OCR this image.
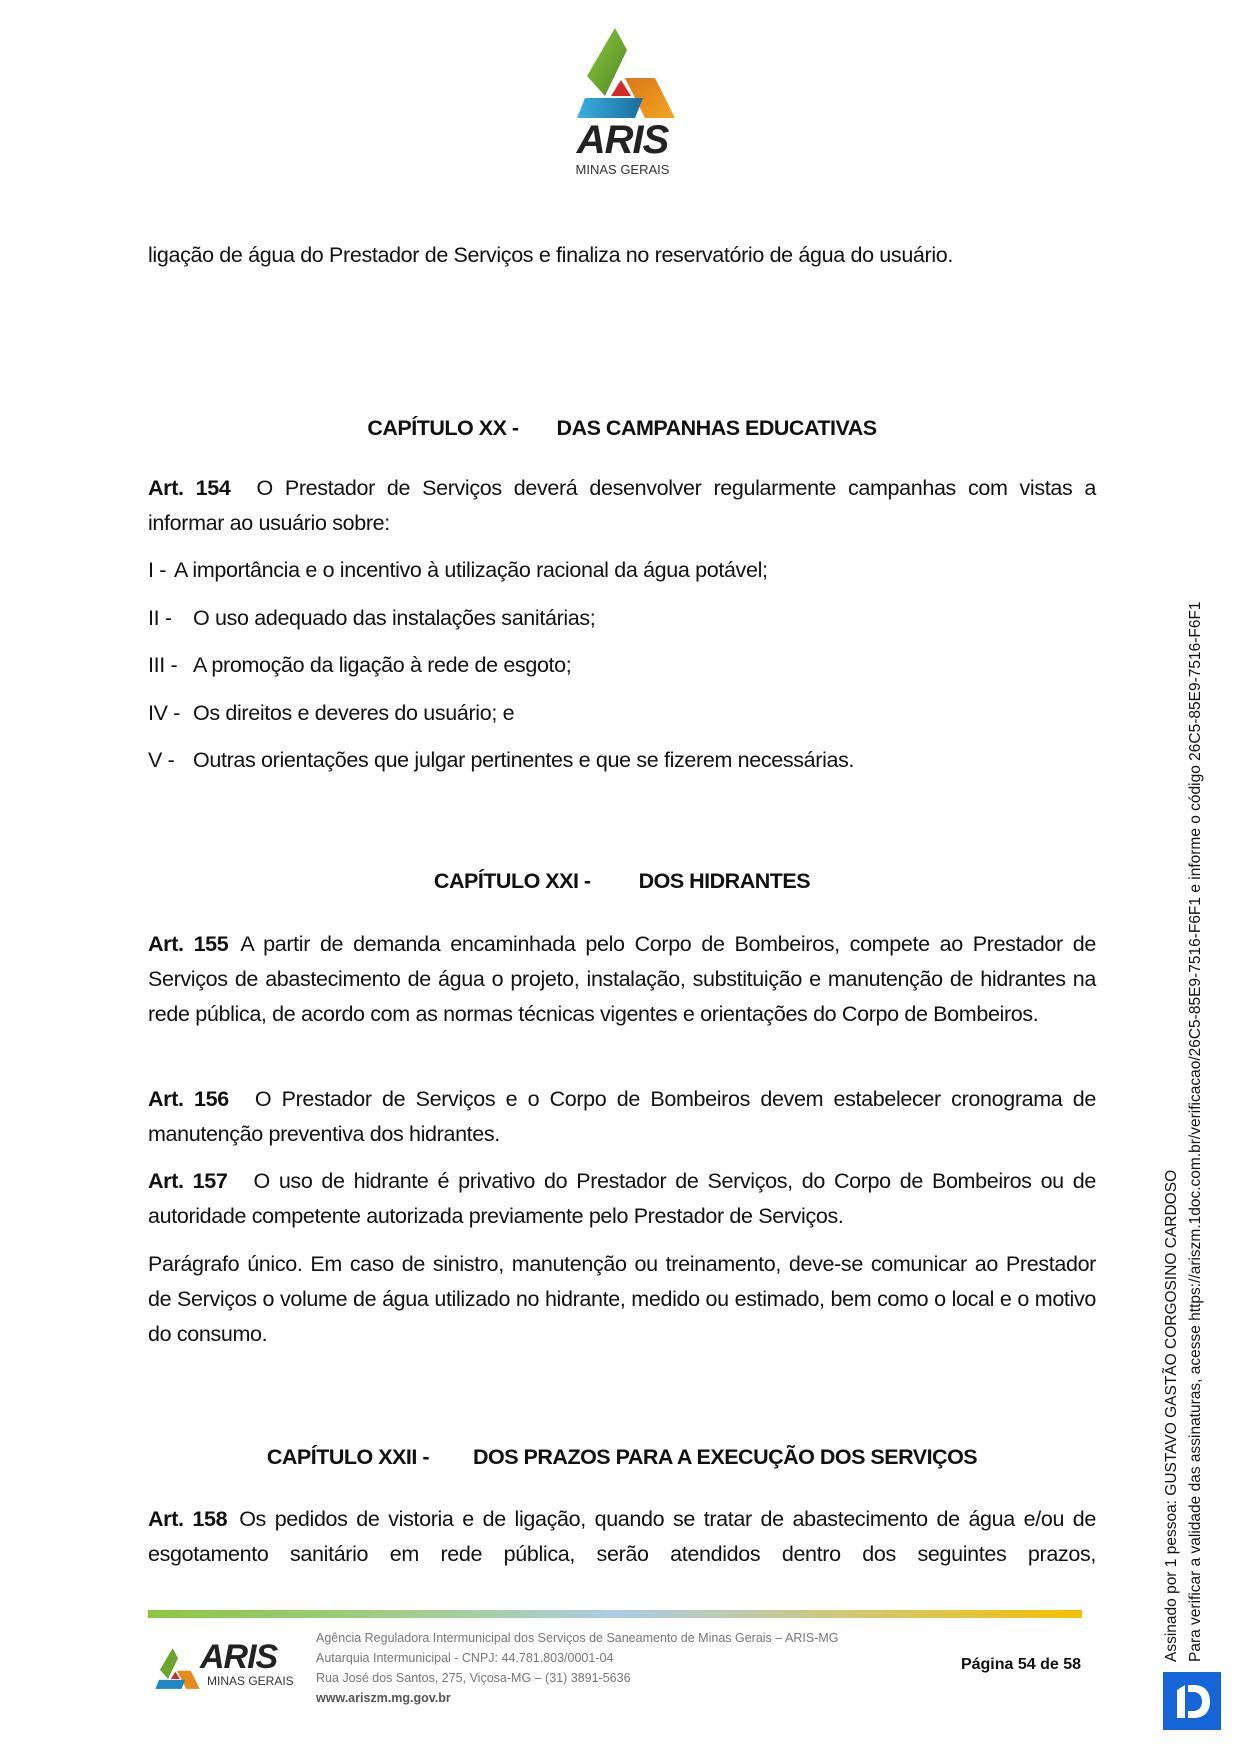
ARIS
MINAS GERAIS
ligação de água do Prestador de Serviços e finaliza no reservatório de água do usuário.
CAPÍTULO XX - DAS CAMPANHAS EDUCATIVAS
Art. 154 O Prestador de Serviços deverá desenvolver regularmente campanhas com vistas a informar ao usuário sobre:
I - A importância e o incentivo à utilização racional da água potável;
II - O uso adequado das instalações sanitárias;
III - A promoção da ligação à rede de esgoto;
IV - Os direitos e deveres do usuário; e
V - Outras orientações que julgar pertinentes e que se fizerem necessárias.
CAPÍTULO XXI - DOS HIDRANTES
Art. 155 A partir de demanda encaminhada pelo Corpo de Bombeiros, compete ao Prestador de Serviços de abastecimento de água o projeto, instalação, substituição e manutenção de hidrantes na rede pública, de acordo com as normas técnicas vigentes e orientações do Corpo de Bombeiros.
Art. 156 O Prestador de Serviços e o Corpo de Bombeiros devem estabelecer cronograma de manutenção preventiva dos hidrantes.
Art. 157 O uso de hidrante é privativo do Prestador de Serviços, do Corpo de Bombeiros ou de autoridade competente autorizada previamente pelo Prestador de Serviços.
Parágrafo único. Em caso de sinistro, manutenção ou treinamento, deve-se comunicar ao Prestador de Serviços o volume de água utilizado no hidrante, medido ou estimado, bem como o local e o motivo do consumo.
CAPÍTULO XXII - DOS PRAZOS PARA A EXECUÇÃO DOS SERVIÇOS
Art. 158 Os pedidos de vistoria e de ligação, quando se tratar de abastecimento de água e/ou de esgotamento sanitário em rede pública, serão atendidos dentro dos seguintes prazos,
ARIS
MINAS GERAIS
Agência Reguladora Intermunicipal dos Serviços de Saneamento de Minas Gerais – ARIS-MG
Autarquia Intermunicipal - CNPJ: 44.781.803/0001-04
Rua José dos Santos, 275, Viçosa-MG – (31) 3891-5636
www.ariszm.mg.gov.br
Página 54 de 58
Assinado por 1 pessoa: GUSTAVO GASTÃO CORGOSINO CARDOSO Para verificar a validade das assinaturas, acesse https://ariszm.1doc.com.br/verificacao/26C5-85E9-7516-F6F1 e informe o código 26C5-85E9-7516-F6F1
